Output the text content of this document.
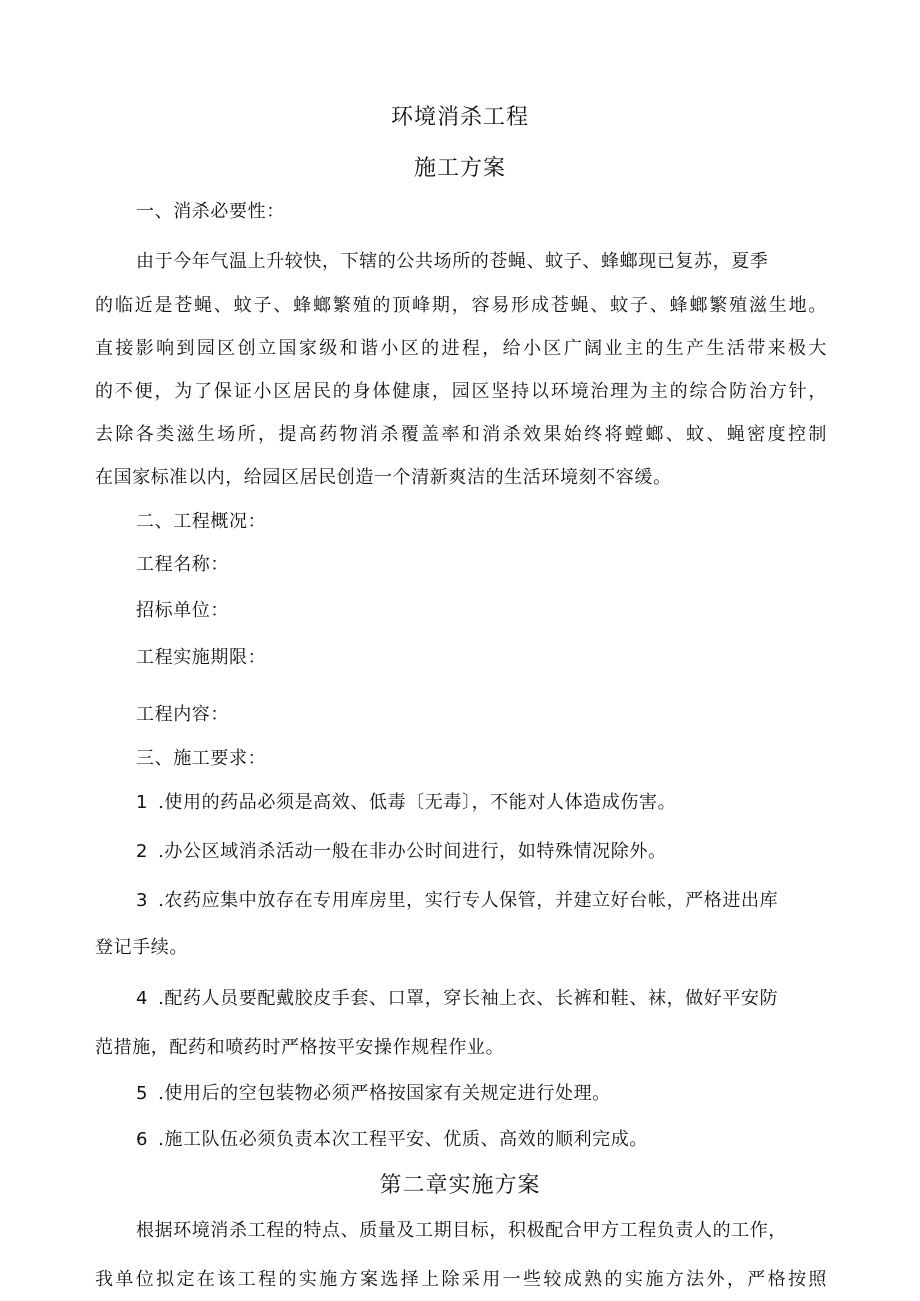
环境消杀工程
施工方案
一、消杀必要性：
由于今年气温上升较快，下辖的公共场所的苍蝇、蚊子、蜂螂现已复苏，夏季
的临近是苍蝇、蚊子、蜂螂繁殖的顶峰期，容易形成苍蝇、蚊子、蜂螂繁殖滋生地。
直接影响到园区创立国家级和谐小区的进程，给小区广阔业主的生产生活带来极大
的不便，为了保证小区居民的身体健康，园区坚持以环境治理为主的综合防治方针，
去除各类滋生场所，提高药物消杀覆盖率和消杀效果始终将螳螂、蚊、蝇密度控制
在国家标准以内，给园区居民创造一个清新爽洁的生活环境刻不容缓。
二、工程概况：
工程名称：
招标单位：
工程实施期限：
工程内容：
三、施工要求：
1 .使用的药品必须是高效、低毒〔无毒〕，不能对人体造成伤害。
2 .办公区域消杀活动一般在非办公时间进行，如特殊情况除外。
3 .农药应集中放存在专用库房里，实行专人保管，并建立好台帐，严格进出库
登记手续。
4 .配药人员要配戴胶皮手套、口罩，穿长袖上衣、长裤和鞋、袜，做好平安防
范措施，配药和喷药时严格按平安操作规程作业。
5 .使用后的空包装物必须严格按国家有关规定进行处理。
6 .施工队伍必须负责本次工程平安、优质、高效的顺利完成。
第二章实施方案
根据环境消杀工程的特点、质量及工期目标，积极配合甲方工程负责人的工作，
我单位拟定在该工程的实施方案选择上除采用一些较成熟的实施方法外，严格按照
